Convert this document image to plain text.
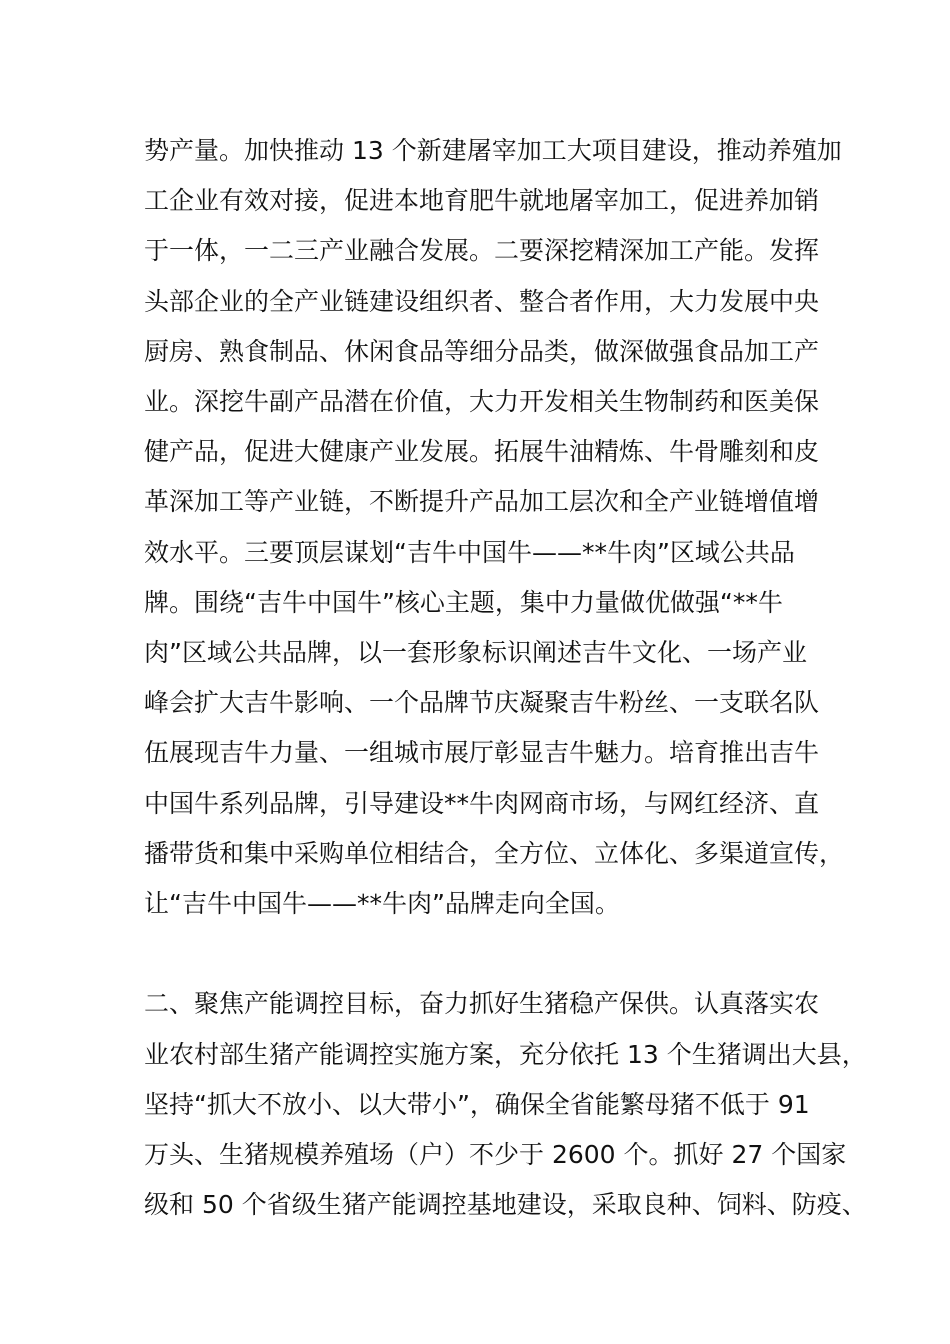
势产量。加快推动 13 个新建屠宰加工大项目建设，推动养殖加
工企业有效对接，促进本地育肥牛就地屠宰加工，促进养加销
于一体，一二三产业融合发展。二要深挖精深加工产能。发挥
头部企业的全产业链建设组织者、整合者作用，大力发展中央
厨房、熟食制品、休闲食品等细分品类，做深做强食品加工产
业。深挖牛副产品潜在价值，大力开发相关生物制药和医美保
健产品，促进大健康产业发展。拓展牛油精炼、牛骨雕刻和皮
革深加工等产业链，不断提升产品加工层次和全产业链增值增
效水平。三要顶层谋划“吉牛中国牛——**牛肉”区域公共品
牌。围绕“吉牛中国牛”核心主题，集中力量做优做强“**牛
肉”区域公共品牌，以一套形象标识阐述吉牛文化、一场产业
峰会扩大吉牛影响、一个品牌节庆凝聚吉牛粉丝、一支联名队
伍展现吉牛力量、一组城市展厅彰显吉牛魅力。培育推出吉牛
中国牛系列品牌，引导建设**牛肉网商市场，与网红经济、直
播带货和集中采购单位相结合，全方位、立体化、多渠道宣传，
让“吉牛中国牛——**牛肉”品牌走向全国。
二、聚焦产能调控目标，奋力抓好生猪稳产保供。认真落实农
业农村部生猪产能调控实施方案，充分依托 13 个生猪调出大县，
坚持“抓大不放小、以大带小”，确保全省能繁母猪不低于 91
万头、生猪规模养殖场（户）不少于 2600 个。抓好 27 个国家
级和 50 个省级生猪产能调控基地建设，采取良种、饲料、防疫、
